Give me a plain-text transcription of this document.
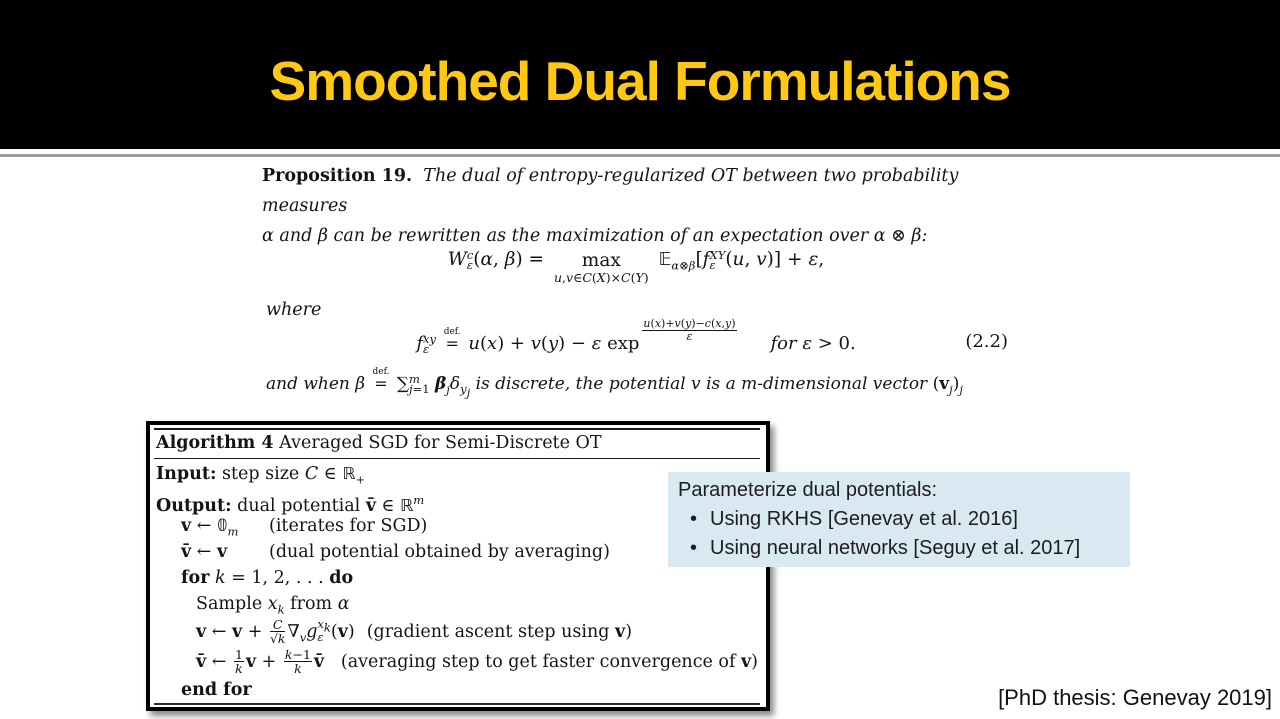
Smoothed Dual Formulations
Proposition 19. The dual of entropy-regularized OT between two probability measures
α and β can be rewritten as the maximization of an expectation over α ⊗ β:
W c
ε (α, β) =	max
u,v∈C(X)×C(Y)
𝔼$_{\alpha\otimes\beta}$[f XY
ε (u, v)] + ε,
where
f xy
ε

def.
= u(x) + v(y) − ε exp
$\frac{u(x)+v(y)-c(x,y)}{\varepsilon}$
for ε > 0.	(2.2)
and when β
def.
= ∑ m
j=1 $\beta_j\delta_{y_j}$ is discrete, the potential v is a m-dimensional vector $(v_j)_j$
Algorithm 4 Averaged SGD for Semi-Discrete OT
Input: step size C ∈ ℝ$_+$
Output: dual potential v̄ ∈ ℝ$^m$
v ← $𝟘_m$ (iterates for SGD)
v̄ ← v (dual potential obtained by averaging)
for k = 1, 2, . . . do
Sample $x_k$ from α
v ← $v + \frac{C}{√k} \nabla_vg$ $x_k$
ε (v) (gradient ascent step using v)
v̄ ← $\frac{1}{k}$ $v + \frac{k-1}{k}$ v̄ (averaging step to get faster convergence of v)
end for
Parameterize dual potentials:
• Using RKHS [Genevay et al. 2016]
• Using neural networks [Seguy et al. 2017]
[PhD thesis: Genevay 2019]
